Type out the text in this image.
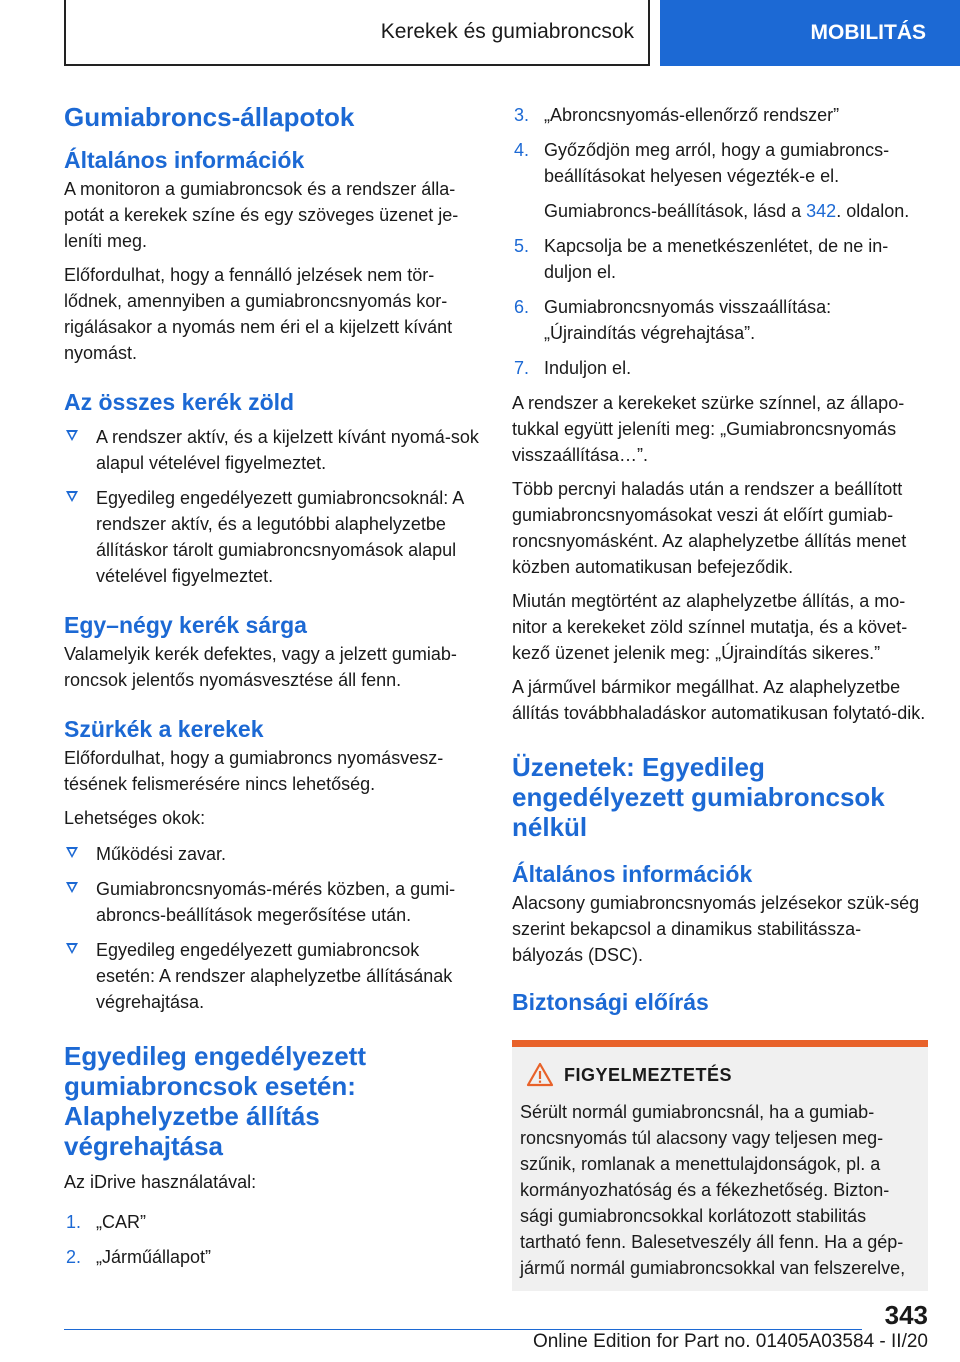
Kerekek és gumiabroncsok	MOBILITÁS
Gumiabroncs-állapotok
Általános információk
A monitoron a gumiabroncsok és a rendszer álla-potát a kerekek színe és egy szöveges üzenet je-leníti meg.
Előfordulhat, hogy a fennálló jelzések nem tör-lődnek, amennyiben a gumiabroncsnyomás kor-rigálásakor a nyomás nem éri el a kijelzett kívánt nyomást.
Az összes kerék zöld
A rendszer aktív, és a kijelzett kívánt nyomá-sok alapul vételével figyelmeztet.
Egyedileg engedélyezett gumiabroncsoknál: A rendszer aktív, és a legutóbbi alaphelyzetbe állításkor tárolt gumiabroncsnyomások alapul vételével figyelmeztet.
Egy–négy kerék sárga
Valamelyik kerék defektes, vagy a jelzett gumiab-roncsok jelentős nyomásvesztése áll fenn.
Szürkék a kerekek
Előfordulhat, hogy a gumiabroncs nyomásvesz-tésének felismerésére nincs lehetőség.
Lehetséges okok:
Működési zavar.
Gumiabroncsnyomás-mérés közben, a gumi-abroncs-beállítások megerősítése után.
Egyedileg engedélyezett gumiabroncsok esetén: A rendszer alaphelyzetbe állításának végrehajtása.
Egyedileg engedélyezett gumiabroncsok esetén: Alaphelyzetbe állítás végrehajtása
Az iDrive használatával:
1. „CAR”
2. „Járműállapot”
3. „Abroncsnyomás-ellenőrző rendszer”
4. Győződjön meg arról, hogy a gumiabroncs-beállításokat helyesen végezték-e el.
Gumiabroncs-beállítások, lásd a 342. oldalon.
5. Kapcsolja be a menetkészenlétet, de ne in-duljon el.
6. Gumiabroncsnyomás visszaállítása: „Újraindítás végrehajtása”.
7. Induljon el.
A rendszer a kerekeket szürke színnel, az állapo-tukkal együtt jeleníti meg: „Gumiabroncsnyomás visszaállítása…”.
Több percnyi haladás után a rendszer a beállított gumiabroncsnyomásokat veszi át előírt gumiab-roncsnyomásként. Az alaphelyzetbe állítás menet közben automatikusan befejeződik.
Miután megtörtént az alaphelyzetbe állítás, a mo-nitor a kerekeket zöld színnel mutatja, és a követ-kező üzenet jelenik meg: „Újraindítás sikeres.”
A járművel bármikor megállhat. Az alaphelyzetbe állítás továbbhaladáskor automatikusan folytató-dik.
Üzenetek: Egyedileg engedélyezett gumiabroncsok nélkül
Általános információk
Alacsony gumiabroncsnyomás jelzésekor szük-ség szerint bekapcsol a dinamikus stabilitássza-bályozás (DSC).
Biztonsági előírás
FIGYELMEZTETÉS
Sérült normál gumiabroncsnál, ha a gumiab-roncsnyomás túl alacsony vagy teljesen meg-szűnik, romlanak a menettulajdonságok, pl. a kormányozhatóság és a fékezhetőség. Bizton-sági gumiabroncsokkal korlátozott stabilitás tartható fenn. Balesetveszély áll fenn. Ha a gép-jármű normál gumiabroncsokkal van felszerelve,
343
Online Edition for Part no. 01405A03584 - II/20
